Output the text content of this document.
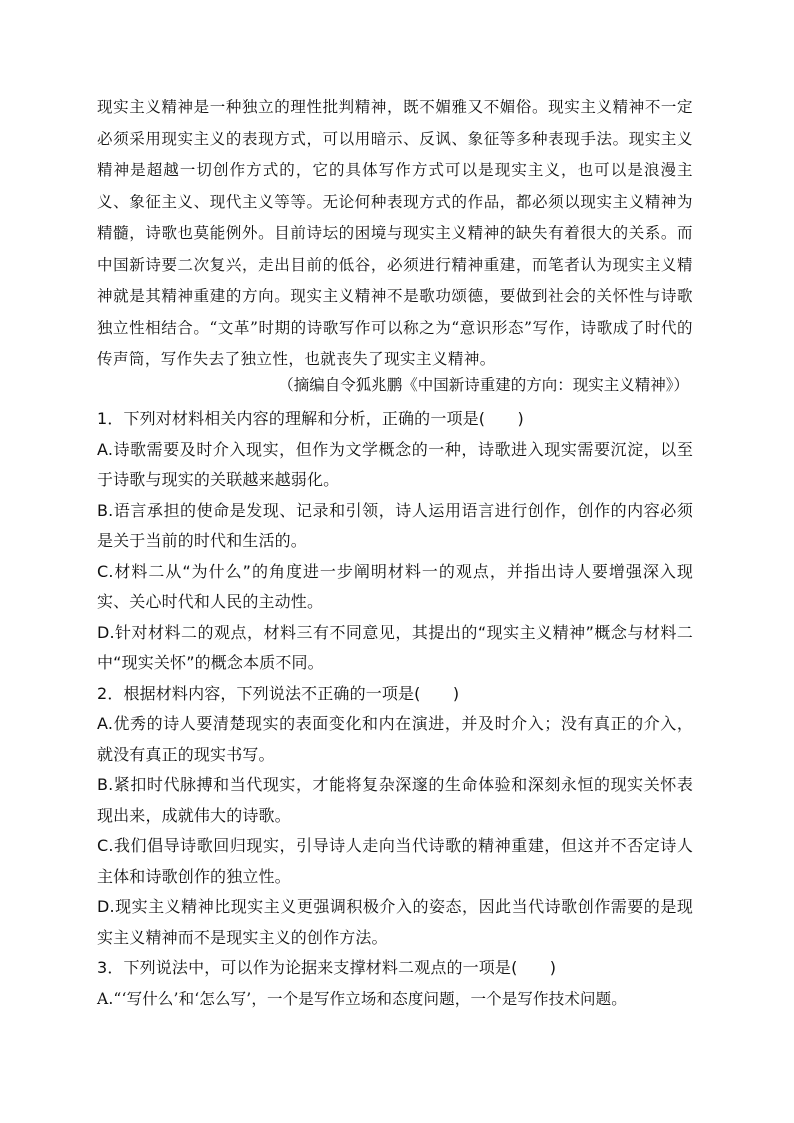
现实主义精神是一种独立的理性批判精神，既不媚雅又不媚俗。现实主义精神不一定必须采用现实主义的表现方式，可以用暗示、反讽、象征等多种表现手法。现实主义精神是超越一切创作方式的，它的具体写作方式可以是现实主义，也可以是浪漫主义、象征主义、现代主义等等。无论何种表现方式的作品，都必须以现实主义精神为精髓，诗歌也莫能例外。目前诗坛的困境与现实主义精神的缺失有着很大的关系。而中国新诗要二次复兴，走出目前的低谷，必须进行精神重建，而笔者认为现实主义精神就是其精神重建的方向。现实主义精神不是歌功颂德，要做到社会的关怀性与诗歌独立性相结合。“文革”时期的诗歌写作可以称之为“意识形态”写作，诗歌成了时代的传声筒，写作失去了独立性，也就丧失了现实主义精神。

（摘编自令狐兆鹏《中国新诗重建的方向：现实主义精神》）

1．下列对材料相关内容的理解和分析，正确的一项是(　　)

A.诗歌需要及时介入现实，但作为文学概念的一种，诗歌进入现实需要沉淀，以至于诗歌与现实的关联越来越弱化。

B.语言承担的使命是发现、记录和引领，诗人运用语言进行创作，创作的内容必须是关于当前的时代和生活的。

C.材料二从“为什么”的角度进一步阐明材料一的观点，并指出诗人要增强深入现实、关心时代和人民的主动性。

D.针对材料二的观点，材料三有不同意见，其提出的“现实主义精神”概念与材料二中“现实关怀”的概念本质不同。

2．根据材料内容，下列说法不正确的一项是(　　)

A.优秀的诗人要清楚现实的表面变化和内在演进，并及时介入；没有真正的介入，就没有真正的现实书写。

B.紧扣时代脉搏和当代现实，才能将复杂深邃的生命体验和深刻永恒的现实关怀表现出来，成就伟大的诗歌。

C.我们倡导诗歌回归现实，引导诗人走向当代诗歌的精神重建，但这并不否定诗人主体和诗歌创作的独立性。

D.现实主义精神比现实主义更强调积极介入的姿态，因此当代诗歌创作需要的是现实主义精神而不是现实主义的创作方法。

3．下列说法中，可以作为论据来支撑材料二观点的一项是(　　)

A.“‘写什么’和‘怎么写’，一个是写作立场和态度问题，一个是写作技术问题。
